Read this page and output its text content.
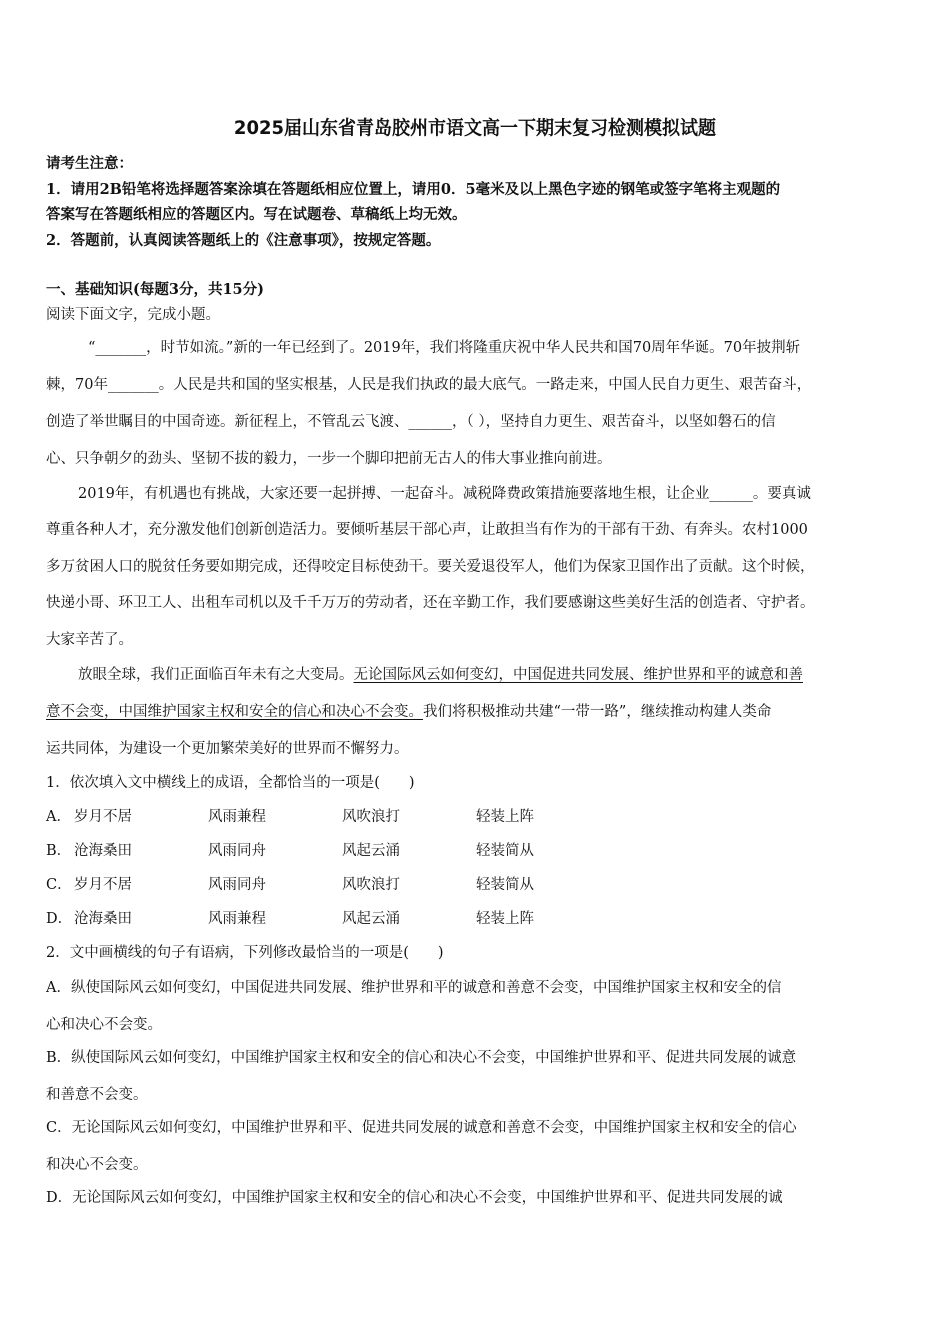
2025届山东省青岛胶州市语文高一下期末复习检测模拟试题
请考生注意：
1．请用2B铅笔将选择题答案涂填在答题纸相应位置上，请用0．5毫米及以上黑色字迹的钢笔或签字笔将主观题的
答案写在答题纸相应的答题区内。写在试题卷、草稿纸上均无效。
2．答题前，认真阅读答题纸上的《注意事项》，按规定答题。
一、基础知识(每题3分，共15分)
阅读下面文字，完成小题。
“_______，时节如流。”新的一年已经到了。2019年，我们将隆重庆祝中华人民共和国70周年华诞。70年披荆斩
棘，70年_______。人民是共和国的坚实根基，人民是我们执政的最大底气。一路走来，中国人民自力更生、艰苦奋斗，
创造了举世瞩目的中国奇迹。新征程上，不管乱云飞渡、______，（ ），坚持自力更生、艰苦奋斗，以坚如磐石的信
心、只争朝夕的劲头、坚韧不拔的毅力，一步一个脚印把前无古人的伟大事业推向前进。
2019年，有机遇也有挑战，大家还要一起拼搏、一起奋斗。减税降费政策措施要落地生根，让企业______。要真诚
尊重各种人才，充分激发他们创新创造活力。要倾听基层干部心声，让敢担当有作为的干部有干劲、有奔头。农村1000
多万贫困人口的脱贫任务要如期完成，还得咬定目标使劲干。要关爱退役军人，他们为保家卫国作出了贡献。这个时候，
快递小哥、环卫工人、出租车司机以及千千万万的劳动者，还在辛勤工作，我们要感谢这些美好生活的创造者、守护者。
大家辛苦了。
放眼全球，我们正面临百年未有之大变局。无论国际风云如何变幻，中国促进共同发展、维护世界和平的诚意和善
意不会变，中国维护国家主权和安全的信心和决心不会变。我们将积极推动共建“一带一路”，继续推动构建人类命
运共同体，为建设一个更加繁荣美好的世界而不懈努力。
1．依次填入文中横线上的成语，全都恰当的一项是(　　)
A． 岁月不居	风雨兼程	风吹浪打	轻装上阵
B． 沧海桑田	风雨同舟	风起云涌	轻装简从
C． 岁月不居	风雨同舟	风吹浪打	轻装简从
D． 沧海桑田	风雨兼程	风起云涌	轻装上阵
2．文中画横线的句子有语病，下列修改最恰当的一项是(　　)
A．纵使国际风云如何变幻，中国促进共同发展、维护世界和平的诚意和善意不会变，中国维护国家主权和安全的信
心和决心不会变。
B．纵使国际风云如何变幻，中国维护国家主权和安全的信心和决心不会变，中国维护世界和平、促进共同发展的诚意
和善意不会变。
C．无论国际风云如何变幻，中国维护世界和平、促进共同发展的诚意和善意不会变，中国维护国家主权和安全的信心
和决心不会变。
D．无论国际风云如何变幻，中国维护国家主权和安全的信心和决心不会变，中国维护世界和平、促进共同发展的诚
